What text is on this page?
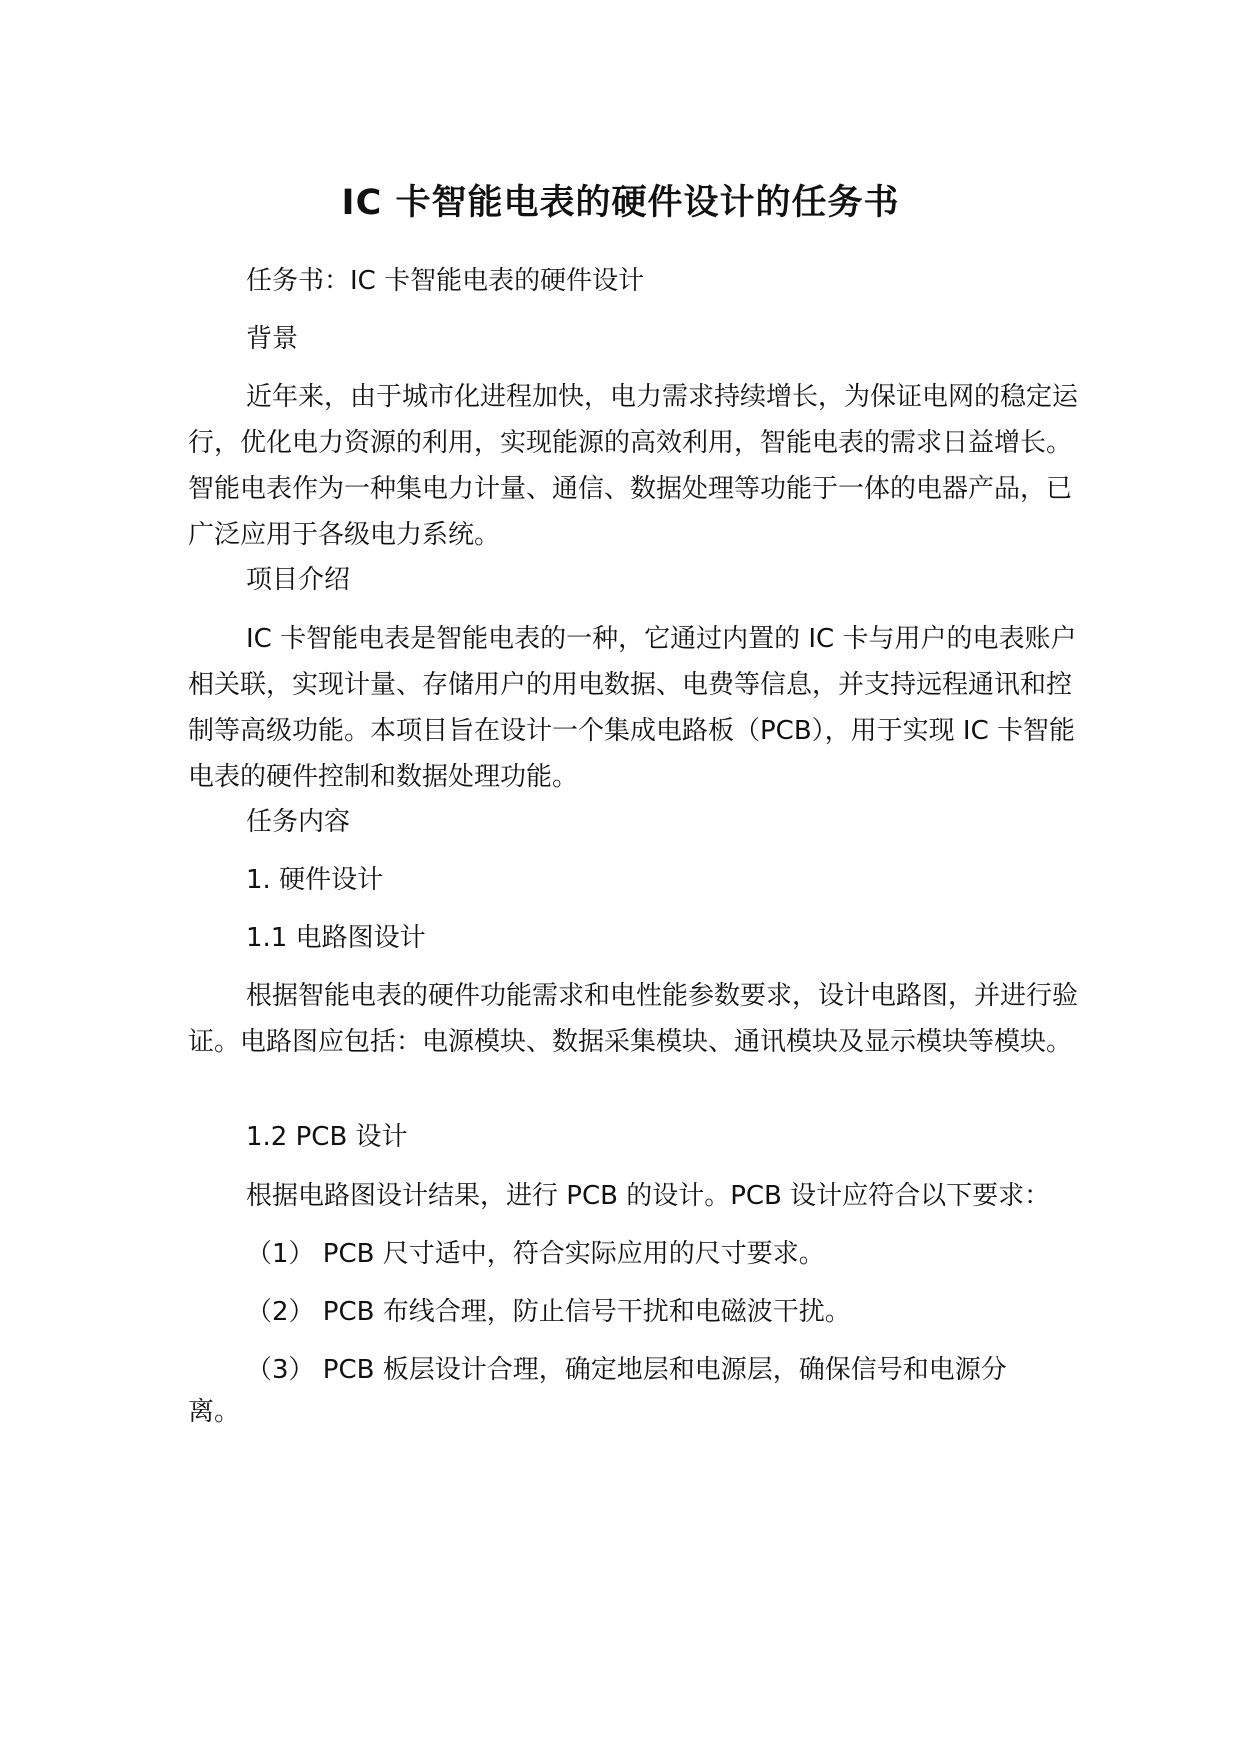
IC 卡智能电表的硬件设计的任务书

任务书：IC 卡智能电表的硬件设计

背景

近年来，由于城市化进程加快，电力需求持续增长，为保证电网的稳定运行，优化电力资源的利用，实现能源的高效利用，智能电表的需求日益增长。智能电表作为一种集电力计量、通信、数据处理等功能于一体的电器产品，已广泛应用于各级电力系统。

项目介绍

IC 卡智能电表是智能电表的一种，它通过内置的 IC 卡与用户的电表账户相关联，实现计量、存储用户的用电数据、电费等信息，并支持远程通讯和控制等高级功能。本项目旨在设计一个集成电路板（PCB），用于实现 IC 卡智能电表的硬件控制和数据处理功能。

任务内容

1. 硬件设计

1.1 电路图设计

根据智能电表的硬件功能需求和电性能参数要求，设计电路图，并进行验证。电路图应包括：电源模块、数据采集模块、通讯模块及显示模块等模块。

1.2 PCB 设计

根据电路图设计结果，进行 PCB 的设计。PCB 设计应符合以下要求：

（1） PCB 尺寸适中，符合实际应用的尺寸要求。

（2） PCB 布线合理，防止信号干扰和电磁波干扰。

（3） PCB 板层设计合理，确定地层和电源层，确保信号和电源分

离。
